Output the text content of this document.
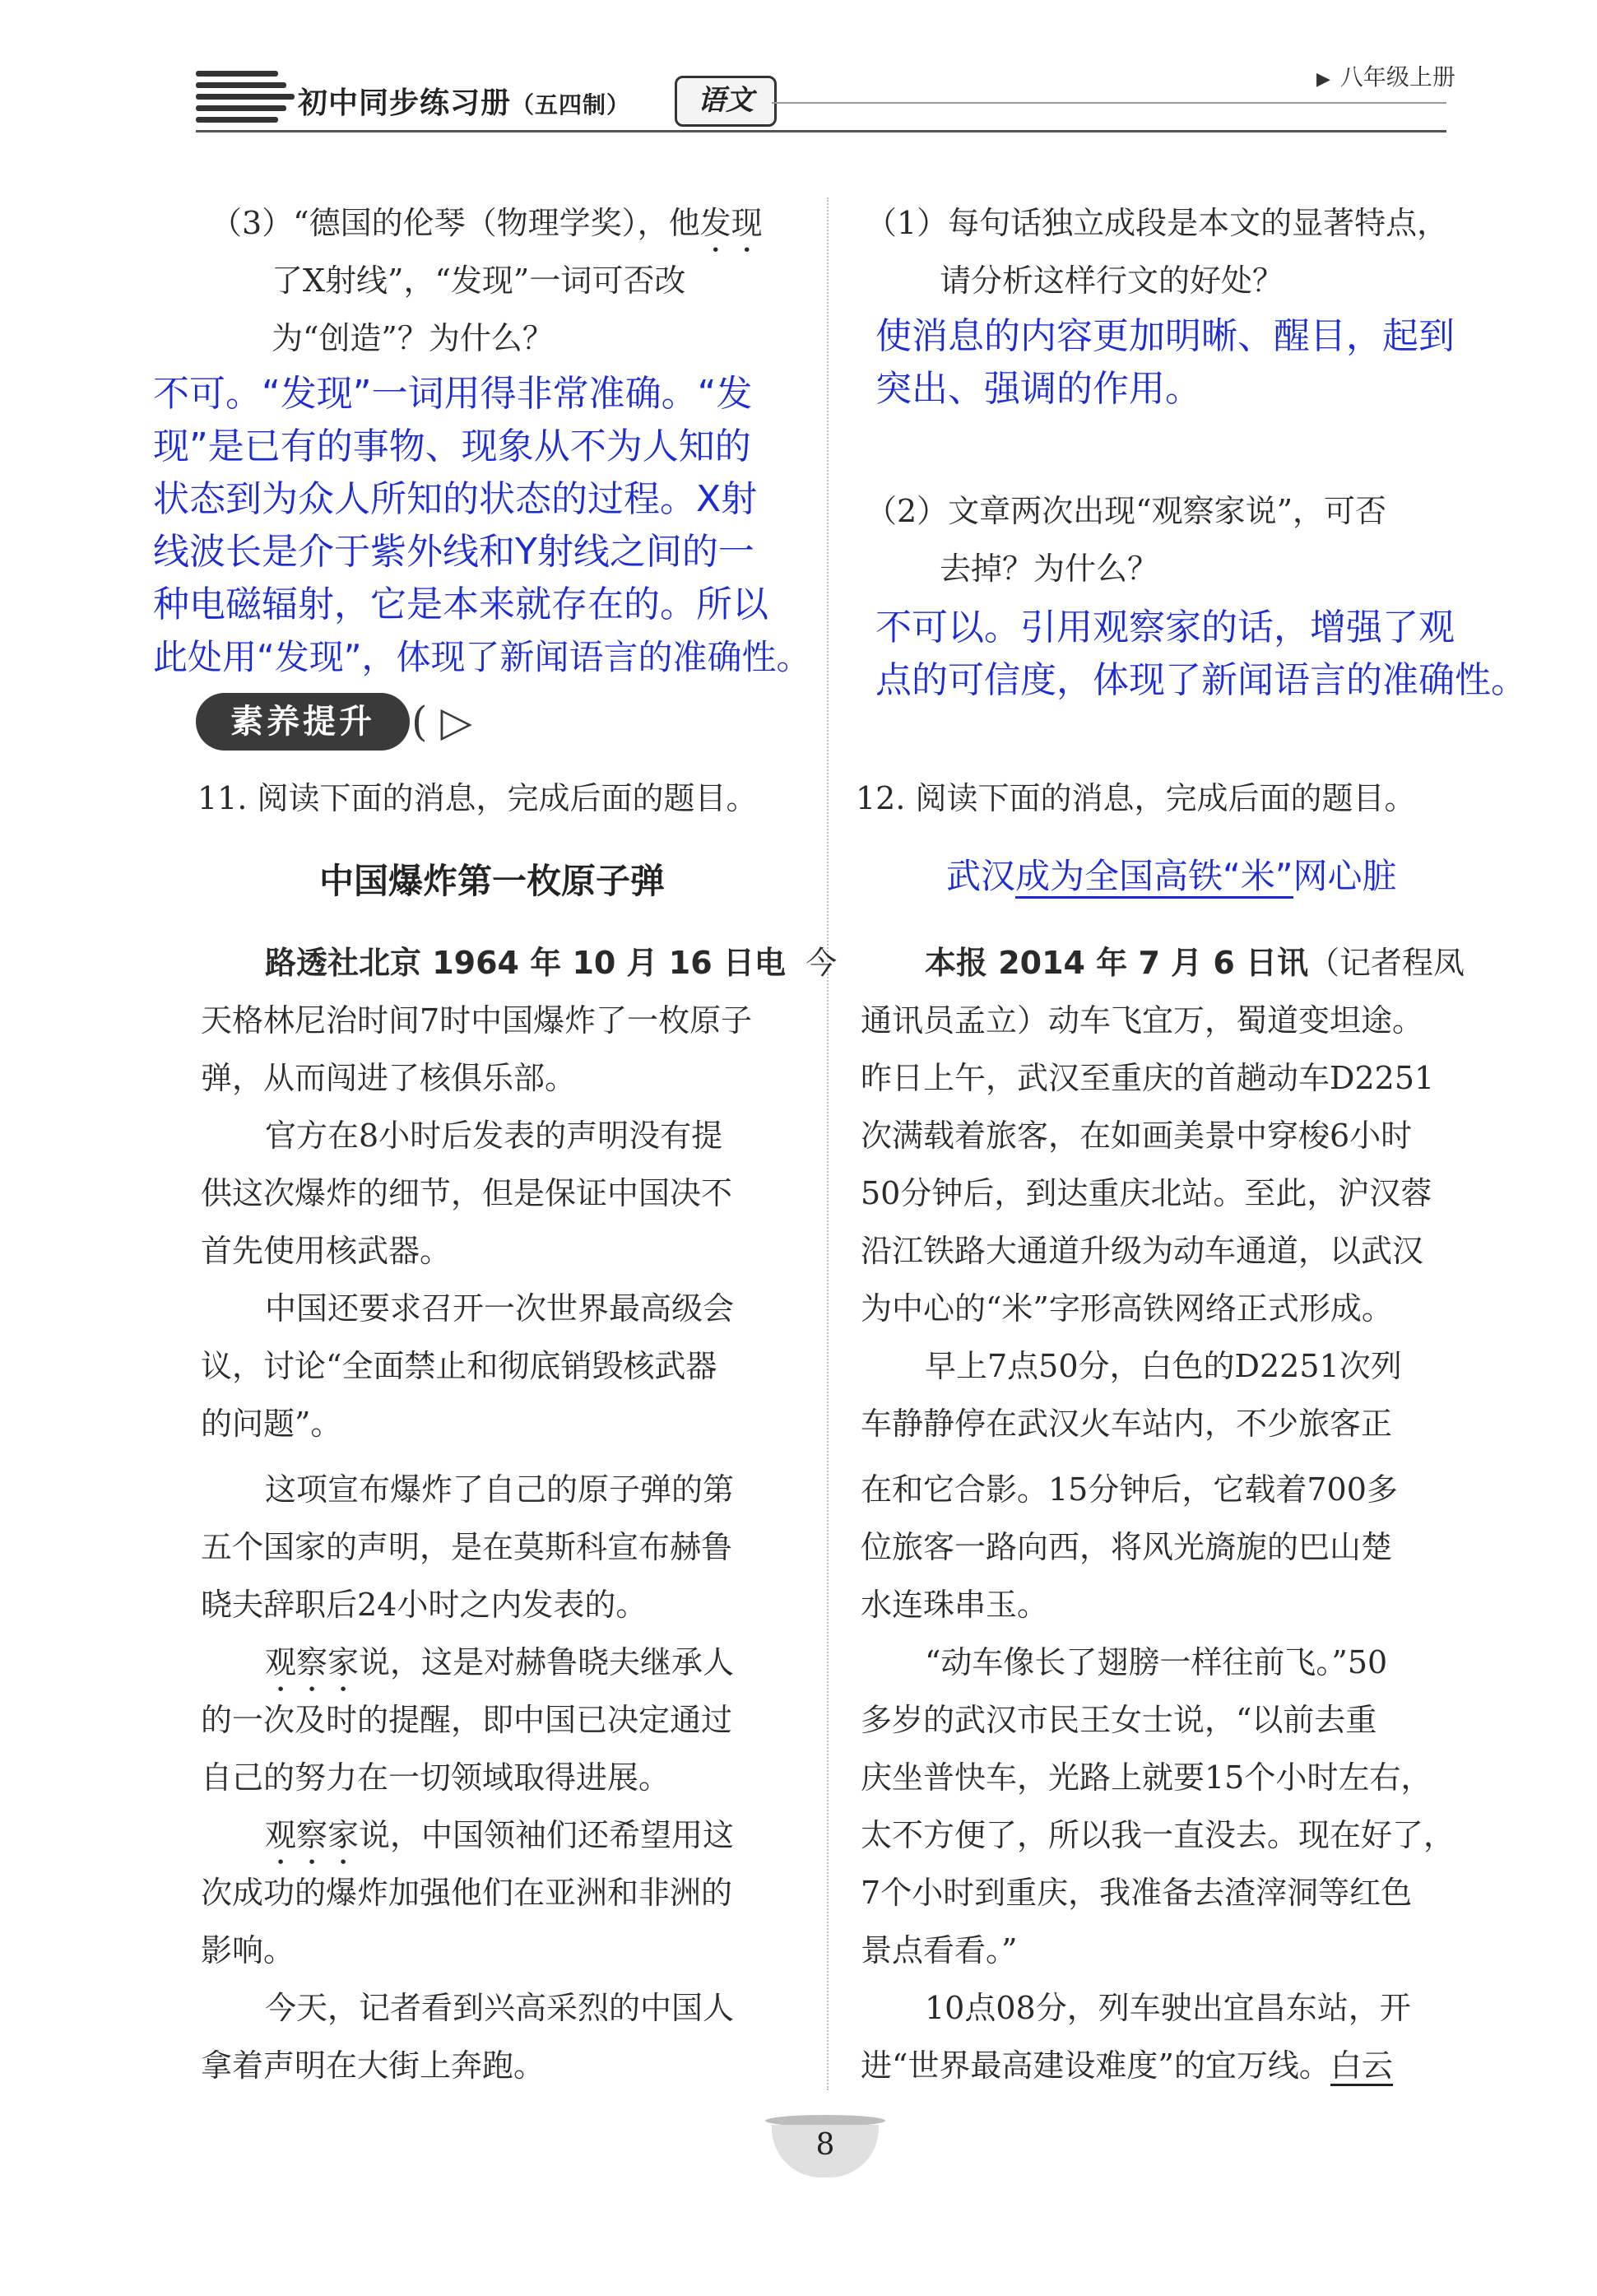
初中同步练习册（五四制）	语文
▶ 八年级上册
（3）“德国的伦琴（物理学奖），他发现
了X射线”，“发现”一词可否改
为“创造”？为什么？
不可。“发现”一词用得非常准确。“发
现”是已有的事物、现象从不为人知的
状态到为众人所知的状态的过程。X射
线波长是介于紫外线和Y射线之间的一
种电磁辐射，它是本来就存在的。所以
此处用“发现”，体现了新闻语言的准确性。
素养提升 ( ▷
11. 阅读下面的消息，完成后面的题目。
中国爆炸第一枚原子弹
路透社北京 1964 年 10 月 16 日电 今
天格林尼治时间7时中国爆炸了一枚原子
弹，从而闯进了核俱乐部。
官方在8小时后发表的声明没有提
供这次爆炸的细节，但是保证中国决不
首先使用核武器。
中国还要求召开一次世界最高级会
议，讨论“全面禁止和彻底销毁核武器
的问题”。
这项宣布爆炸了自己的原子弹的第
五个国家的声明，是在莫斯科宣布赫鲁
晓夫辞职后24小时之内发表的。
观察家说，这是对赫鲁晓夫继承人
的一次及时的提醒，即中国已决定通过
自己的努力在一切领域取得进展。
观察家说，中国领袖们还希望用这
次成功的爆炸加强他们在亚洲和非洲的
影响。
今天，记者看到兴高采烈的中国人
拿着声明在大街上奔跑。
（1）每句话独立成段是本文的显著特点，
请分析这样行文的好处？
使消息的内容更加明晰、醒目，起到
突出、强调的作用。
（2）文章两次出现“观察家说”，可否
去掉？为什么？
不可以。引用观察家的话，增强了观
点的可信度，体现了新闻语言的准确性。
12. 阅读下面的消息，完成后面的题目。
武汉成为全国高铁“米”网心脏
本报 2014 年 7 月 6 日讯（记者程凤
通讯员孟立）动车飞宜万，蜀道变坦途。
昨日上午，武汉至重庆的首趟动车D2251
次满载着旅客，在如画美景中穿梭6小时
50分钟后，到达重庆北站。至此，沪汉蓉
沿江铁路大通道升级为动车通道，以武汉
为中心的“米”字形高铁网络正式形成。
早上7点50分，白色的D2251次列
车静静停在武汉火车站内，不少旅客正
在和它合影。15分钟后，它载着700多
位旅客一路向西，将风光旖旎的巴山楚
水连珠串玉。
“动车像长了翅膀一样往前飞。”50
多岁的武汉市民王女士说，“以前去重
庆坐普快车，光路上就要15个小时左右，
太不方便了，所以我一直没去。现在好了，
7个小时到重庆，我准备去渣滓洞等红色
景点看看。”
10点08分，列车驶出宜昌东站，开
进“世界最高建设难度”的宜万线。白云
8
